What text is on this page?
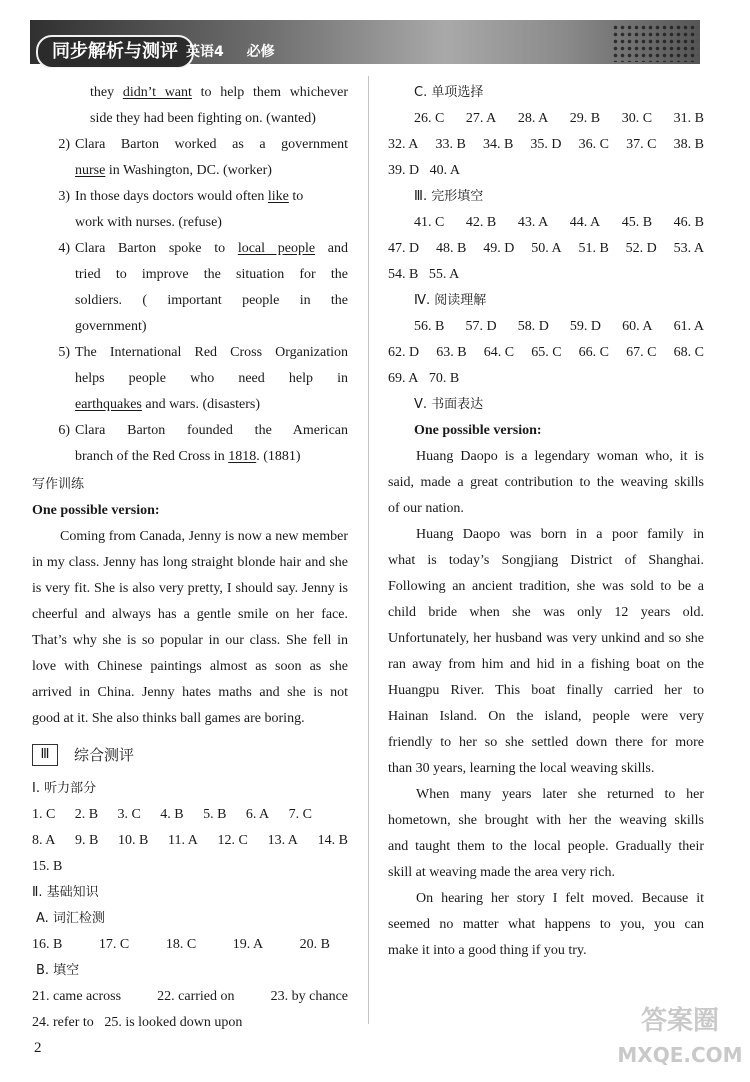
同步解析与测评 英语4 必修

they didn’t want to help them whichever

side they had been fighting on. (wanted)

2) Clara Barton worked as a government

nurse in Washington, DC. (worker)

3) In those days doctors would often like to

work with nurses. (refuse)

4) Clara Barton spoke to local people and

tried to improve the situation for the

soldiers. ( important people in the

government)

5) The International Red Cross Organization

helps people who need help in

earthquakes and wars. (disasters)

6) Clara Barton founded the American

branch of the Red Cross in 1818. (1881)

写作训练

One possible version:

Coming from Canada, Jenny is now a new member

in my class. Jenny has long straight blonde hair and she

is very fit. She is also very pretty, I should say. Jenny is

cheerful and always has a gentle smile on her face.

That’s why she is so popular in our class. She fell in

love with Chinese paintings almost as soon as she

arrived in China. Jenny hates maths and she is not

good at it. She also thinks ball games are boring.

Ⅲ	综合测评

Ⅰ. 听力部分

1. C 2. B 3. C 4. B 5. B 6. A 7. C
8. A 9. B 10. B 11. A 12. C 13. A 14. B

15. B

Ⅱ. 基础知识

A. 词汇检测

16. B	17. C	18. C	19. A	20. B

B. 填空

21. came across	22. carried on	23. by chance

24. refer to 25. is looked down upon

C. 单项选择

26. C 27. A 28. A 29. B 30. C 31. B
32. A 33. B 34. B 35. D 36. C 37. C 38. B

39. D 40. A

Ⅲ. 完形填空

41. C 42. B 43. A 44. A 45. B 46. B
47. D 48. B 49. D 50. A 51. B 52. D 53. A

54. B 55. A

Ⅳ. 阅读理解

56. B 57. D 58. D 59. D 60. A 61. A
62. D 63. B 64. C 65. C 66. C 67. C 68. C

69. A 70. B

Ⅴ. 书面表达

One possible version:

Huang Daopo is a legendary woman who, it is

said, made a great contribution to the weaving skills

of our nation.

Huang Daopo was born in a poor family in

what is today’s Songjiang District of Shanghai.

Following an ancient tradition, she was sold to be a

child bride when she was only 12 years old.

Unfortunately, her husband was very unkind and so she

ran away from him and hid in a fishing boat on the

Huangpu River. This boat finally carried her to

Hainan Island. On the island, people were very

friendly to her so she settled down there for more

than 30 years, learning the local weaving skills.

When many years later she returned to her

hometown, she brought with her the weaving skills

and taught them to the local people. Gradually their

skill at weaving made the area very rich.

On hearing her story I felt moved. Because it

seemed no matter what happens to you, you can

make it into a good thing if you try.

2
答案圈
MXQE.COM
